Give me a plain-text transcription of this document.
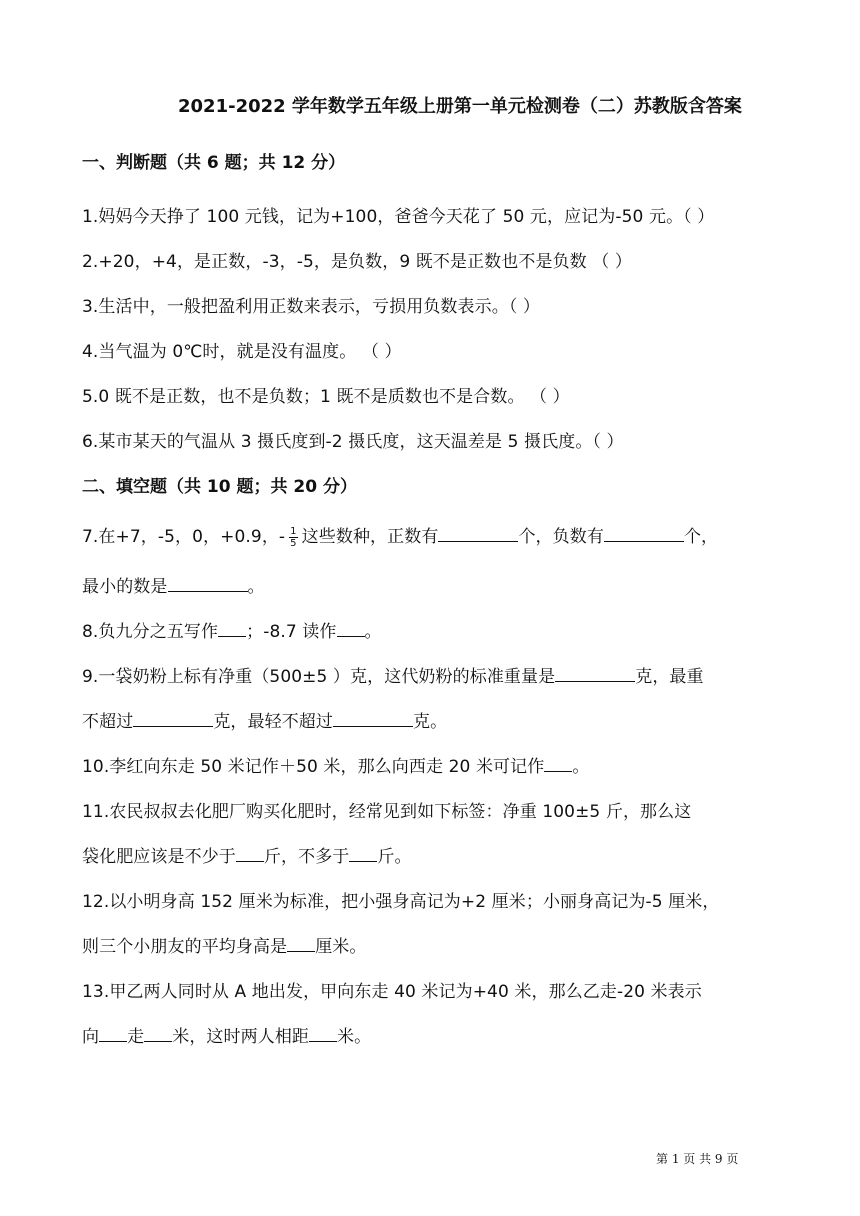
2021-2022 学年数学五年级上册第一单元检测卷（二）苏教版含答案
一、判断题（共 6 题；共 12 分）
1.妈妈今天挣了 100 元钱，记为+100，爸爸今天花了 50 元，应记为-50 元。（ ）
2.+20，+4，是正数，-3，-5，是负数，9 既不是正数也不是负数 （ ）
3.生活中，一般把盈利用正数来表示，亏损用负数表示。（ ）
4.当气温为 0℃时，就是没有温度。 （ ）
5.0 既不是正数，也不是负数；1 既不是质数也不是合数。 （ ）
6.某市某天的气温从 3 摄氏度到-2 摄氏度，这天温差是 5 摄氏度。（ ）
二、填空题（共 10 题；共 20 分）
7.在+7，-5，0，+0.9，- $\frac{1}{5}$ 这些数种，正数有	个，负数有	个，
最小的数是	。
8.负九分之五写作 ；-8.7 读作 。
9.一袋奶粉上标有净重（500±5 ）克，这代奶粉的标准重量是	克，最重
不超过	克，最轻不超过	克。
10.李红向东走 50 米记作＋50 米，那么向西走 20 米可记作 。
11.农民叔叔去化肥厂购买化肥时，经常见到如下标签：净重 100±5 斤，那么这
袋化肥应该是不少于 斤，不多于 斤。
12.以小明身高 152 厘米为标准，把小强身高记为+2 厘米；小丽身高记为-5 厘米，
则三个小朋友的平均身高是 厘米。
13.甲乙两人同时从 A 地出发，甲向东走 40 米记为+40 米，那么乙走-20 米表示
向 走 米，这时两人相距 米。
第 1 页 共 9 页
